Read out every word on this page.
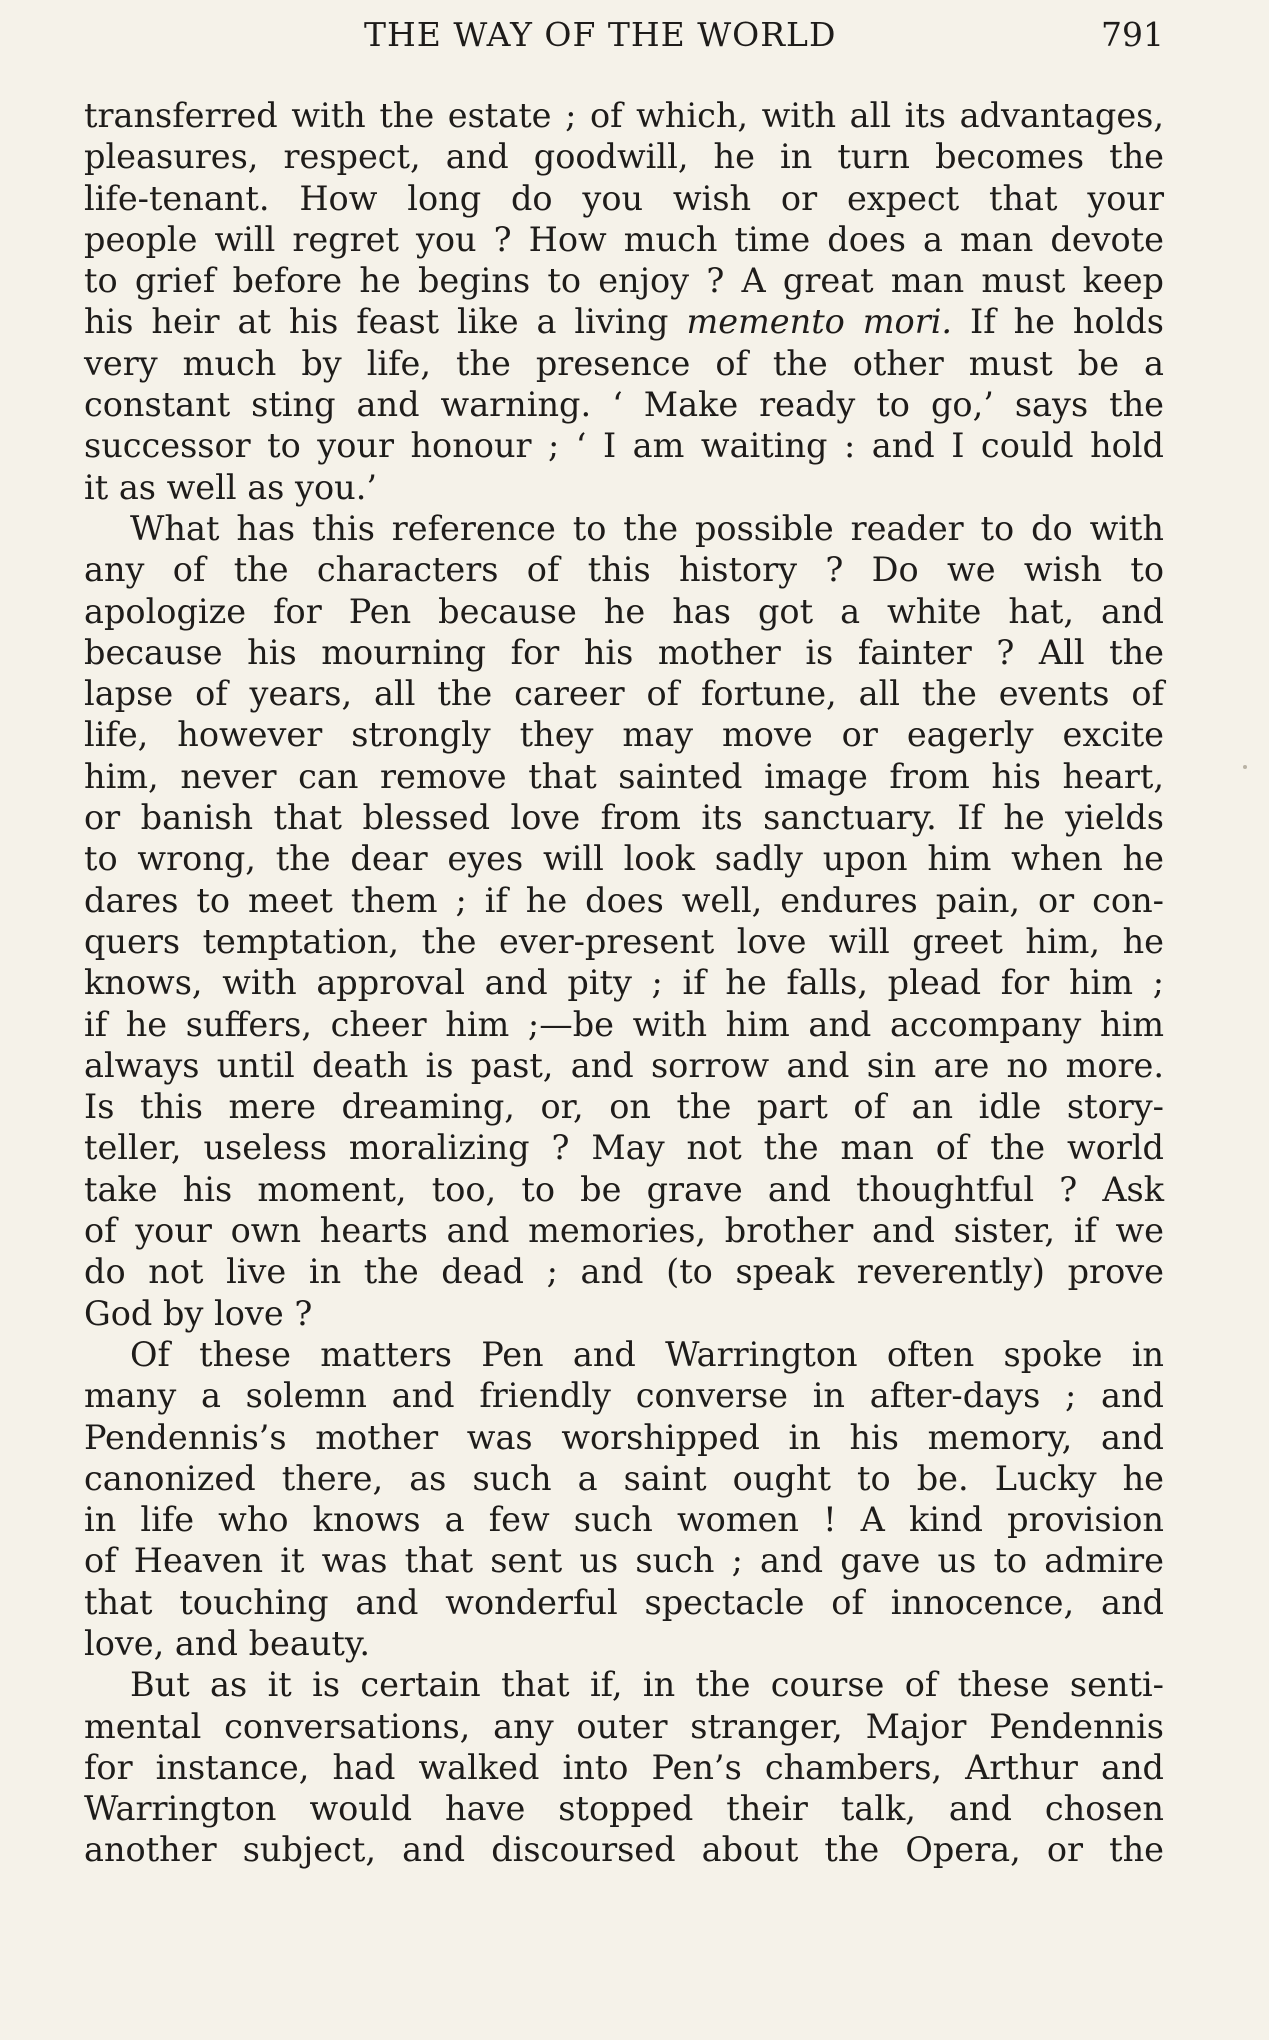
THE WAY OF THE WORLD	791
transferred with the estate ; of which, with all its advantages,
pleasures, respect, and goodwill, he in turn becomes the
life-tenant. How long do you wish or expect that your
people will regret you ? How much time does a man devote
to grief before he begins to enjoy ? A great man must keep
his heir at his feast like a living memento mori. If he holds
very much by life, the presence of the other must be a
constant sting and warning. ‘ Make ready to go,’ says the
successor to your honour ; ‘ I am waiting : and I could hold
it as well as you.’
What has this reference to the possible reader to do with
any of the characters of this history ? Do we wish to
apologize for Pen because he has got a white hat, and
because his mourning for his mother is fainter ? All the
lapse of years, all the career of fortune, all the events of
life, however strongly they may move or eagerly excite
him, never can remove that sainted image from his heart,
or banish that blessed love from its sanctuary. If he yields
to wrong, the dear eyes will look sadly upon him when he
dares to meet them ; if he does well, endures pain, or con-
quers temptation, the ever-present love will greet him, he
knows, with approval and pity ; if he falls, plead for him ;
if he suffers, cheer him ;—be with him and accompany him
always until death is past, and sorrow and sin are no more.
Is this mere dreaming, or, on the part of an idle story-
teller, useless moralizing ? May not the man of the world
take his moment, too, to be grave and thoughtful ? Ask
of your own hearts and memories, brother and sister, if we
do not live in the dead ; and (to speak reverently) prove
God by love ?
Of these matters Pen and Warrington often spoke in
many a solemn and friendly converse in after-days ; and
Pendennis’s mother was worshipped in his memory, and
canonized there, as such a saint ought to be. Lucky he
in life who knows a few such women ! A kind provision
of Heaven it was that sent us such ; and gave us to admire
that touching and wonderful spectacle of innocence, and
love, and beauty.
But as it is certain that if, in the course of these senti-
mental conversations, any outer stranger, Major Pendennis
for instance, had walked into Pen’s chambers, Arthur and
Warrington would have stopped their talk, and chosen
another subject, and discoursed about the Opera, or the
